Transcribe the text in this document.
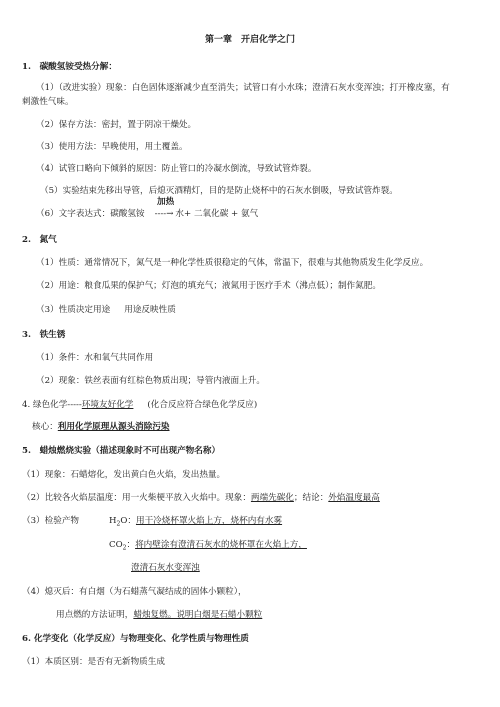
第一章　开启化学之门
1.　碳酸氢铵受热分解：
（1）（改进实验）现象：白色固体逐渐减少直至消失；试管口有小水珠；澄清石灰水变浑浊；打开橡皮塞，有
刺激性气味。
（2）保存方法：密封，置于阴凉干燥处。
（3）使用方法：早晚使用，用土覆盖。
（4）试管口略向下倾斜的原因：防止管口的冷凝水倒流，导致试管炸裂。
（5）实验结束先移出导管，后熄灭酒精灯，目的是防止烧杯中的石灰水倒吸，导致试管炸裂。
加热
（6）文字表达式：碳酸氢铵 ----→ 水+ 二氧化碳 + 氨气
2.　氮气
（1）性质：通常情况下，氮气是一种化学性质很稳定的气体，常温下，很难与其他物质发生化学反应。
（2）用途：粮食瓜果的保护气；灯泡的填充气；液氮用于医疗手术（沸点低）；制作氮肥。
（3）性质决定用途 用途反映性质
3.　铁生锈
（1）条件：水和氧气共同作用
（2）现象：铁丝表面有红棕色物质出现；导管内液面上升。
4. 绿色化学-----环境友好化学 (化合反应符合绿色化学反应)
核心：利用化学原理从源头消除污染
5.　蜡烛燃烧实验（描述现象时不可出现产物名称）
（1）现象：石蜡熔化，发出黄白色火焰，发出热量。
（2）比较各火焰层温度：用一火柴梗平放入火焰中。现象：两端先碳化；结论：外焰温度最高
（3）检验产物	$H_2O$：用干冷烧杯罩火焰上方，烧杯内有水雾
$CO_2$：将内壁涂有澄清石灰水的烧杯罩在火焰上方，
澄清石灰水变浑浊
（4）熄灭后：有白烟（为石蜡蒸气凝结成的固体小颗粒），
用点燃的方法证明，蜡烛复燃。说明白烟是石蜡小颗粒
6. 化学变化（化学反应）与物理变化、化学性质与物理性质
（1）本质区别：是否有无新物质生成
